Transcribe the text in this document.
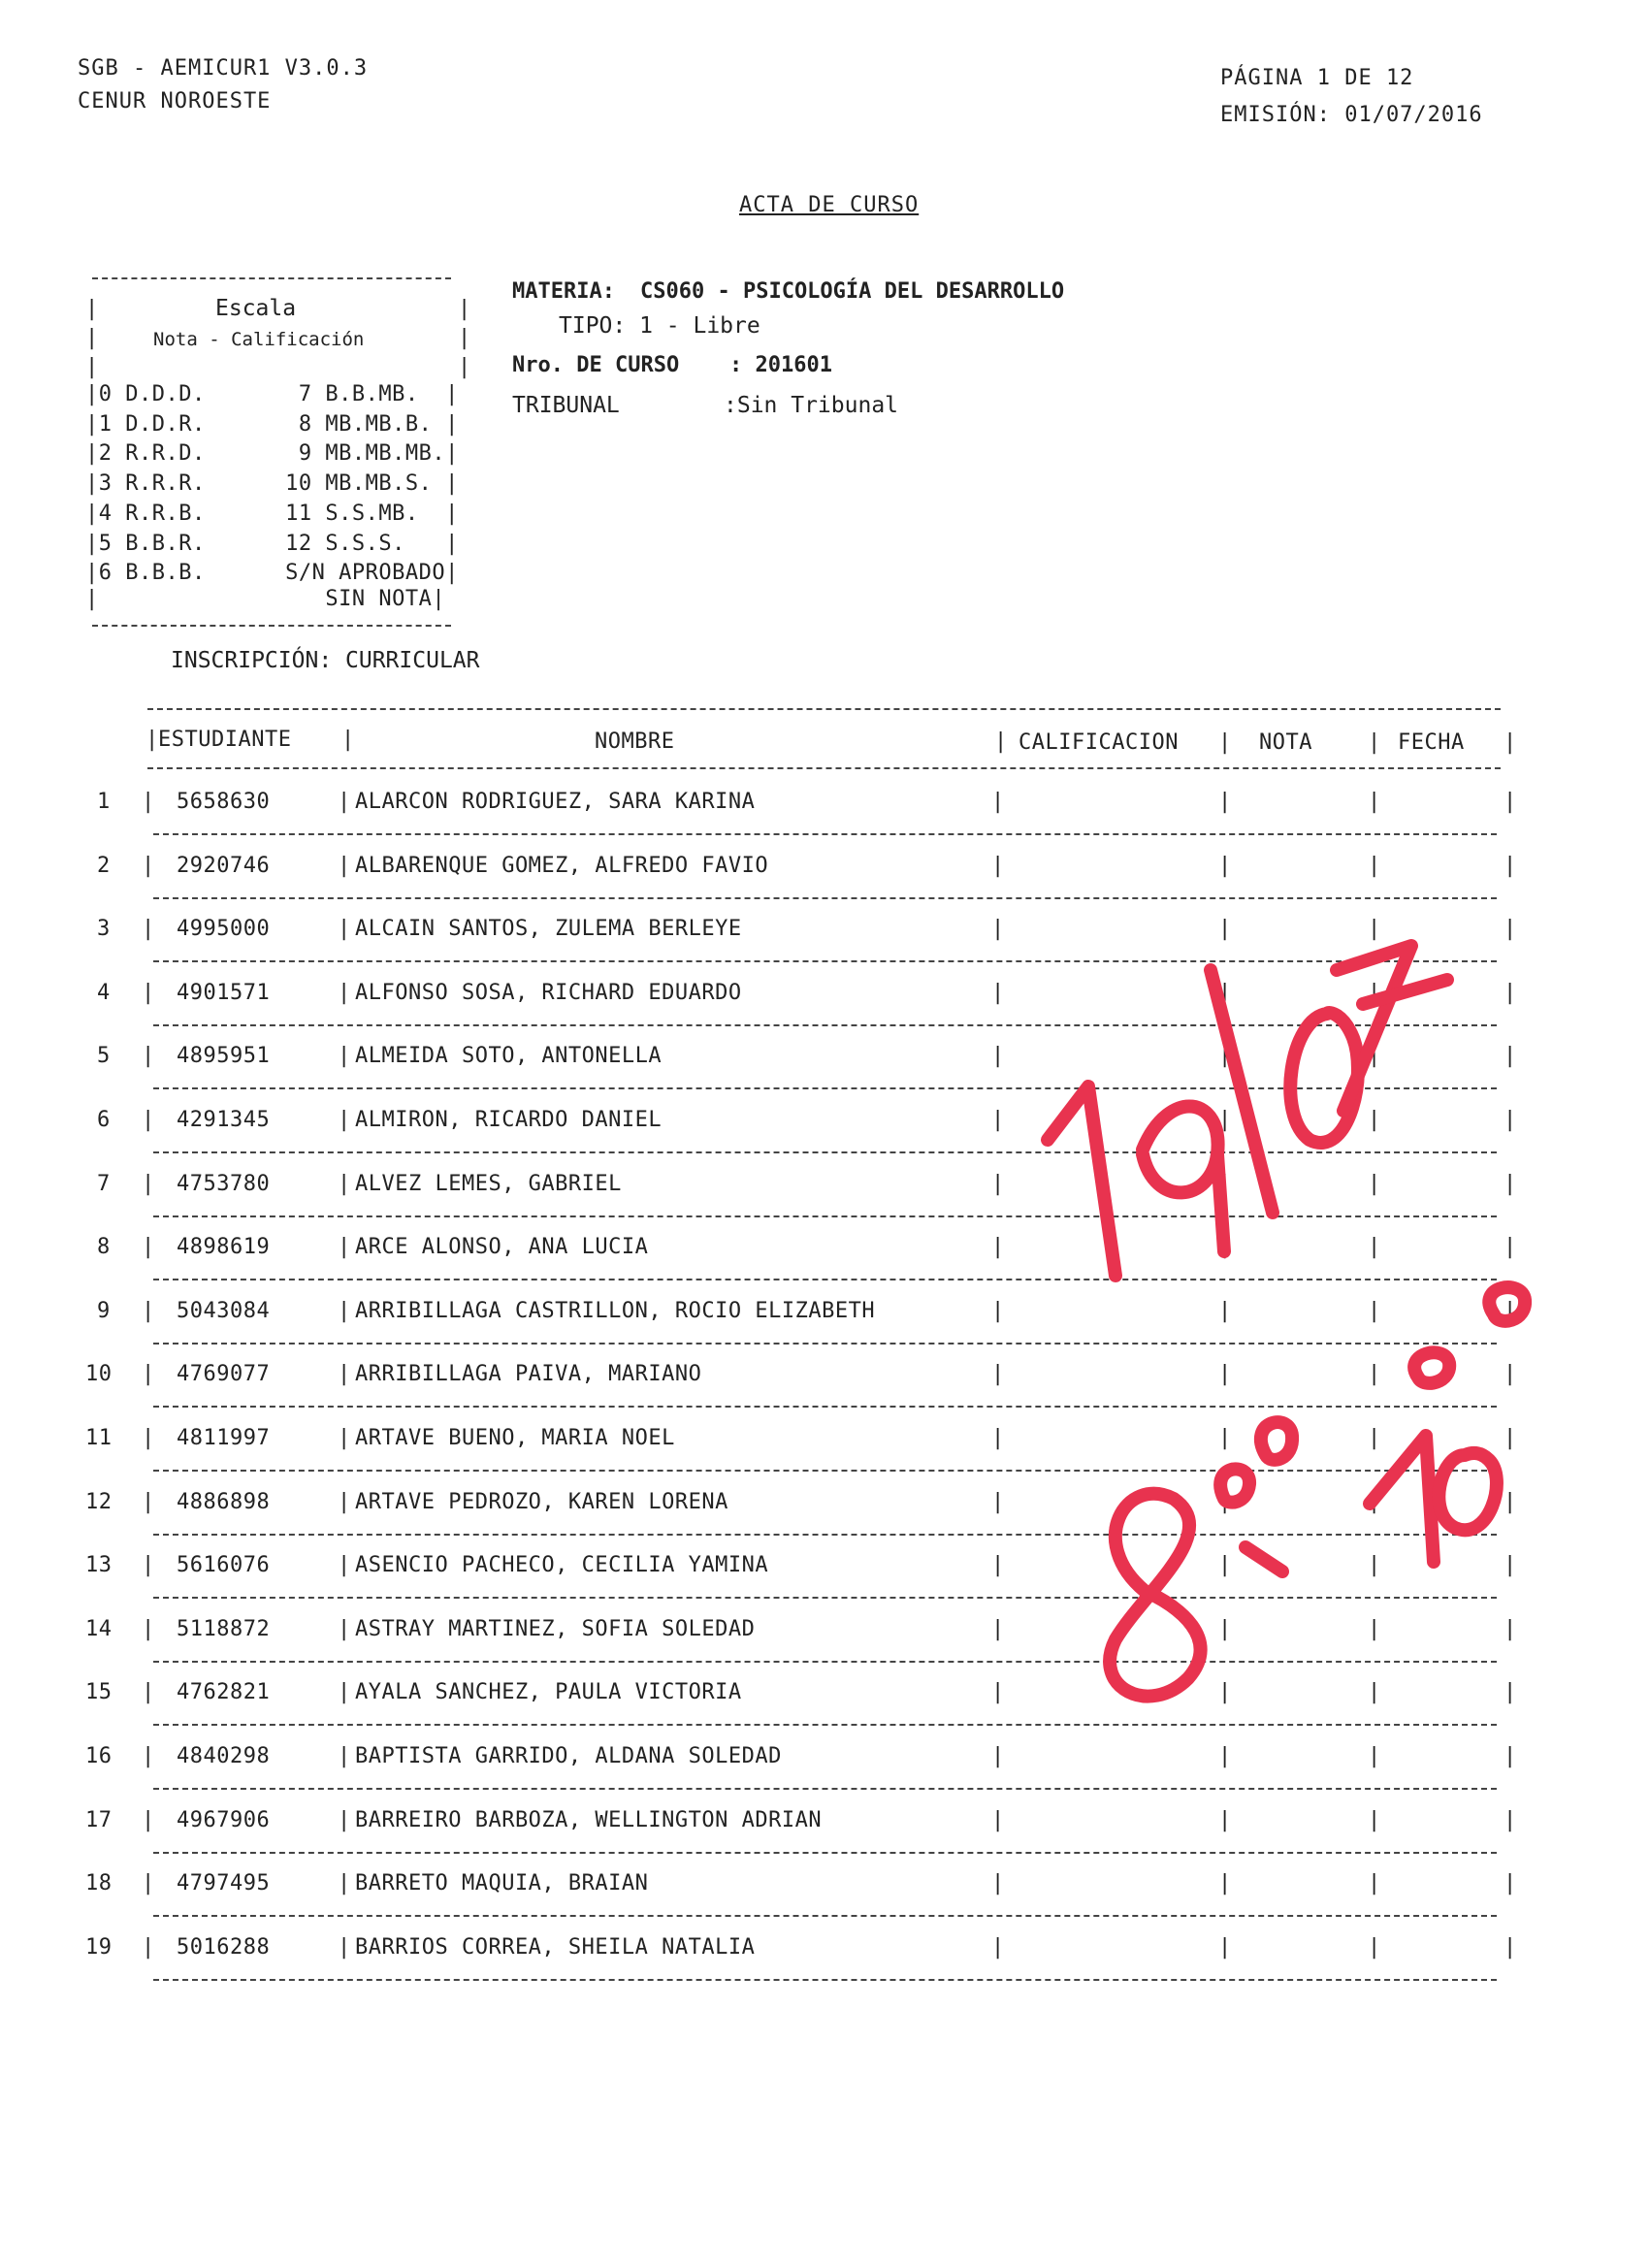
SGB - AEMICUR1 V3.0.3
CENUR NOROESTE
PÁGINA 1 DE 12
EMISIÓN: 01/07/2016
ACTA DE CURSO
|	|
Escala
|	|
Nota - Calificación
|	|
|0 D.D.D.       7 B.B.MB.  |
|1 D.D.R.       8 MB.MB.B. |
|2 R.R.D.       9 MB.MB.MB.|
|3 R.R.R.      10 MB.MB.S. |
|4 R.R.B.      11 S.S.MB.  |
|5 B.B.R.      12 S.S.S.   |
|6 B.B.B.      S/N APROBADO|
|                 SIN NOTA|
MATERIA: CS060 - PSICOLOGÍA DEL DESARROLLO
TIPO: 1 - Libre
Nro. DE CURSO : 201601
TRIBUNAL	:Sin Tribunal
INSCRIPCIÓN: CURRICULAR
| ESTUDIANTE |	NOMBRE	| CALIFICACION | NOTA	| FECHA |
1 | 5658630	| ALARCON RODRIGUEZ, SARA KARINA	|	|	|	|
2 | 2920746	| ALBARENQUE GOMEZ, ALFREDO FAVIO	|	|	|	|
3 | 4995000	| ALCAIN SANTOS, ZULEMA BERLEYE	|	|	|	|
4 | 4901571	| ALFONSO SOSA, RICHARD EDUARDO	|	|	|	|
5 | 4895951	| ALMEIDA SOTO, ANTONELLA	|	|	|	|
6 | 4291345	| ALMIRON, RICARDO DANIEL	|	|	|	|
7 | 4753780	| ALVEZ LEMES, GABRIEL	|	|	|	|
8 | 4898619	| ARCE ALONSO, ANA LUCIA	|	|	|	|
9 | 5043084	| ARRIBILLAGA CASTRILLON, ROCIO ELIZABETH	|	|	|	|
10 | 4769077	| ARRIBILLAGA PAIVA, MARIANO	|	|	|	|
11 | 4811997	| ARTAVE BUENO, MARIA NOEL	|	|	|	|
12 | 4886898	| ARTAVE PEDROZO, KAREN LORENA	|	|	|	|
13 | 5616076	| ASENCIO PACHECO, CECILIA YAMINA	|	|	|	|
14 | 5118872	| ASTRAY MARTINEZ, SOFIA SOLEDAD	|	|	|	|
15 | 4762821	| AYALA SANCHEZ, PAULA VICTORIA	|	|	|	|
16 | 4840298	| BAPTISTA GARRIDO, ALDANA SOLEDAD	|	|	|	|
17 | 4967906	| BARREIRO BARBOZA, WELLINGTON ADRIAN	|	|	|	|
18 | 4797495	| BARRETO MAQUIA, BRAIAN	|	|	|	|
19 | 5016288	| BARRIOS CORREA, SHEILA NATALIA	|	|	|	|
